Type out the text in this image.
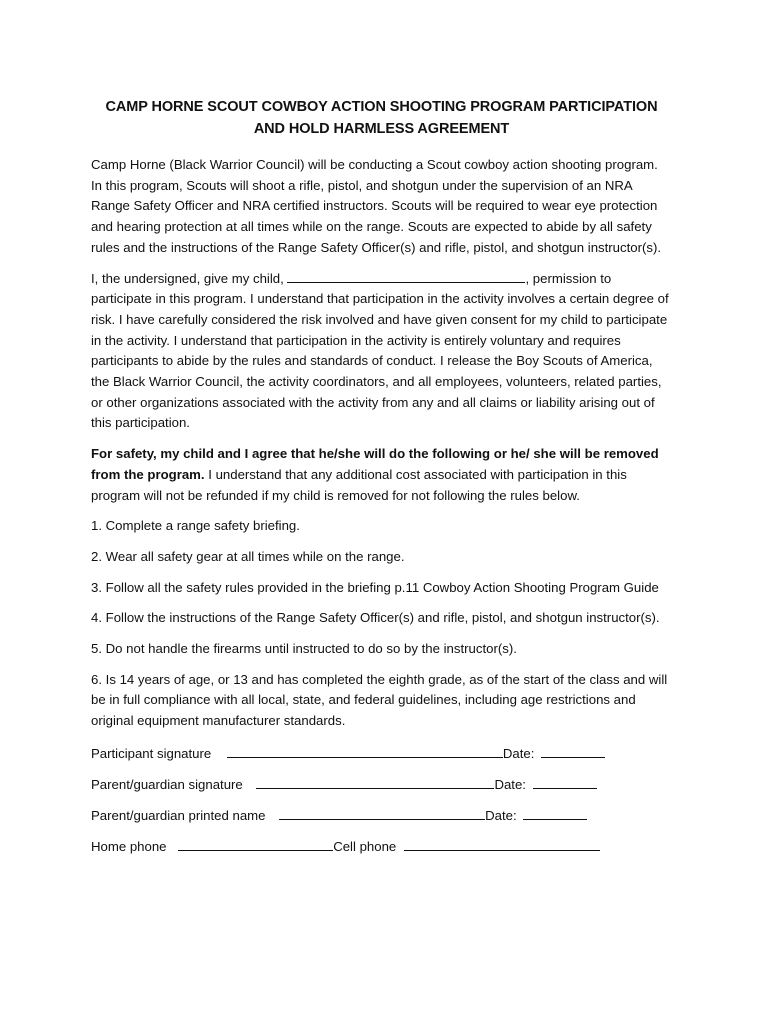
CAMP HORNE SCOUT COWBOY ACTION SHOOTING PROGRAM PARTICIPATION
AND HOLD HARMLESS AGREEMENT

Camp Horne (Black Warrior Council) will be conducting a Scout cowboy action shooting program. In this program, Scouts will shoot a rifle, pistol, and shotgun under the supervision of an NRA Range Safety Officer and NRA certified instructors. Scouts will be required to wear eye protection and hearing protection at all times while on the range. Scouts are expected to abide by all safety rules and the instructions of the Range Safety Officer(s) and rifle, pistol, and shotgun instructor(s).

I, the undersigned, give my child,	, permission to participate in this program. I understand that participation in the activity involves a certain degree of risk. I have carefully considered the risk involved and have given consent for my child to participate in the activity. I understand that participation in the activity is entirely voluntary and requires participants to abide by the rules and standards of conduct. I release the Boy Scouts of America, the Black Warrior Council, the activity coordinators, and all employees, volunteers, related parties, or other organizations associated with the activity from any and all claims or liability arising out of this participation.

For safety, my child and I agree that he/she will do the following or he/ she will be removed from the program. I understand that any additional cost associated with participation in this program will not be refunded if my child is removed for not following the rules below.

1. Complete a range safety briefing.
2. Wear all safety gear at all times while on the range.
3. Follow all the safety rules provided in the briefing p.11 Cowboy Action Shooting Program Guide
4. Follow the instructions of the Range Safety Officer(s) and rifle, pistol, and shotgun instructor(s).
5. Do not handle the firearms until instructed to do so by the instructor(s).
6. Is 14 years of age, or 13 and has completed the eighth grade, as of the start of the class and will be in full compliance with all local, state, and federal guidelines, including age restrictions and original equipment manufacturer standards.
Participant signature	Date:
Parent/guardian signature	Date:
Parent/guardian printed name	Date:
Home phone	Cell phone
